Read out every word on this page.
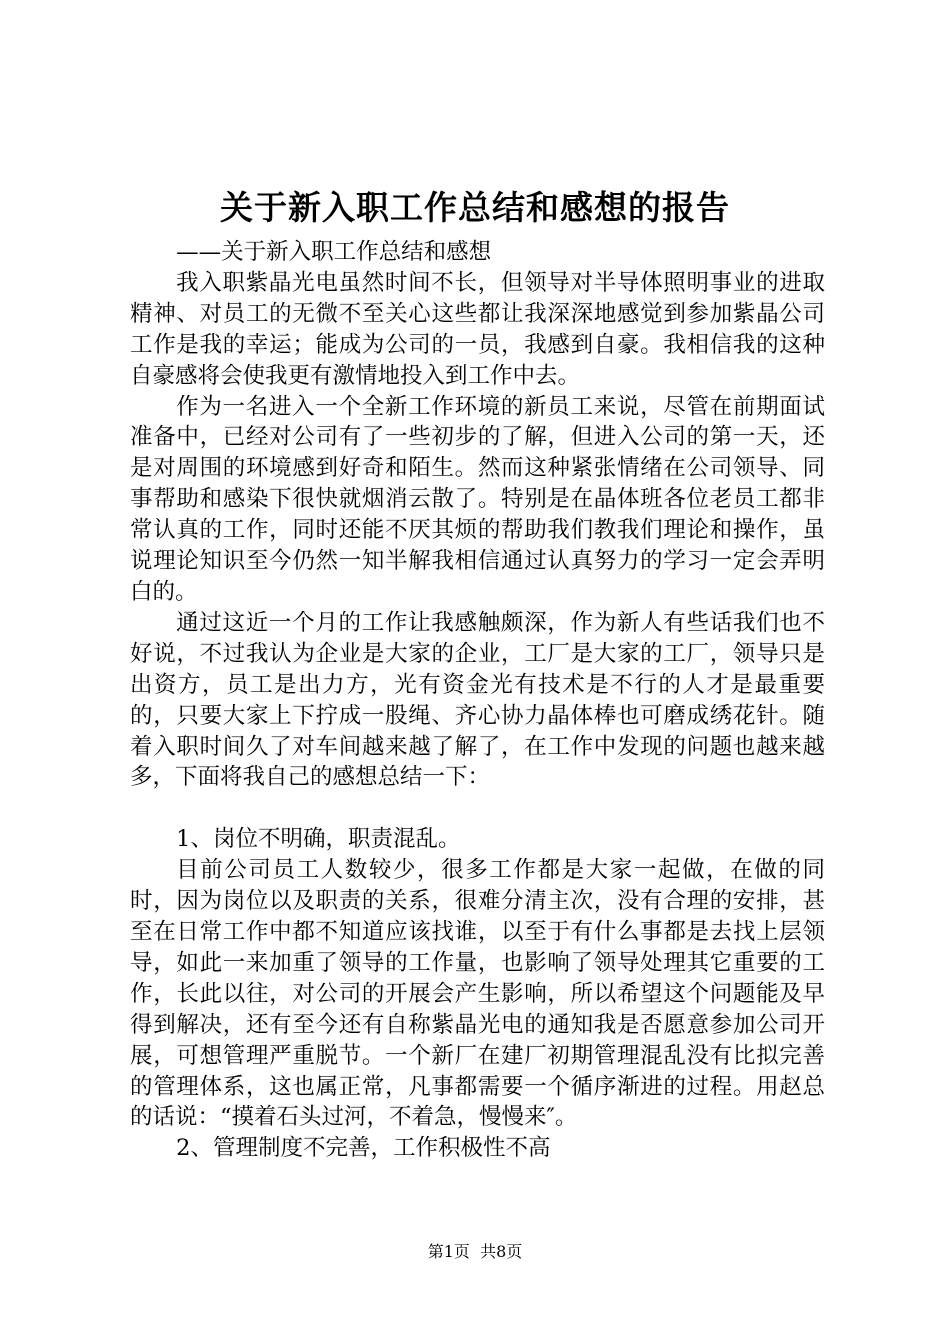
关于新入职工作总结和感想的报告

——关于新入职工作总结和感想

我入职紫晶光电虽然时间不长，但领导对半导体照明事业的进取精神、对员工的无微不至关心这些都让我深深地感觉到参加紫晶公司工作是我的幸运；能成为公司的一员，我感到自豪。我相信我的这种自豪感将会使我更有激情地投入到工作中去。

作为一名进入一个全新工作环境的新员工来说，尽管在前期面试准备中，已经对公司有了一些初步的了解，但进入公司的第一天，还是对周围的环境感到好奇和陌生。然而这种紧张情绪在公司领导、同事帮助和感染下很快就烟消云散了。特别是在晶体班各位老员工都非常认真的工作，同时还能不厌其烦的帮助我们教我们理论和操作，虽说理论知识至今仍然一知半解我相信通过认真努力的学习一定会弄明白的。

通过这近一个月的工作让我感触颇深，作为新人有些话我们也不好说，不过我认为企业是大家的企业，工厂是大家的工厂，领导只是出资方，员工是出力方，光有资金光有技术是不行的人才是最重要的，只要大家上下拧成一股绳、齐心协力晶体棒也可磨成绣花针。随着入职时间久了对车间越来越了解了，在工作中发现的问题也越来越多，下面将我自己的感想总结一下：

1、岗位不明确，职责混乱。

目前公司员工人数较少，很多工作都是大家一起做，在做的同时，因为岗位以及职责的关系，很难分清主次，没有合理的安排，甚至在日常工作中都不知道应该找谁，以至于有什么事都是去找上层领导，如此一来加重了领导的工作量，也影响了领导处理其它重要的工作，长此以往，对公司的开展会产生影响，所以希望这个问题能及早得到解决，还有至今还有自称紫晶光电的通知我是否愿意参加公司开展，可想管理严重脱节。一个新厂在建厂初期管理混乱没有比拟完善的管理体系，这也属正常，凡事都需要一个循序渐进的过程。用赵总的话说：“摸着石头过河，不着急，慢慢来″。

2、管理制度不完善，工作积极性不高

第1页  共8页
